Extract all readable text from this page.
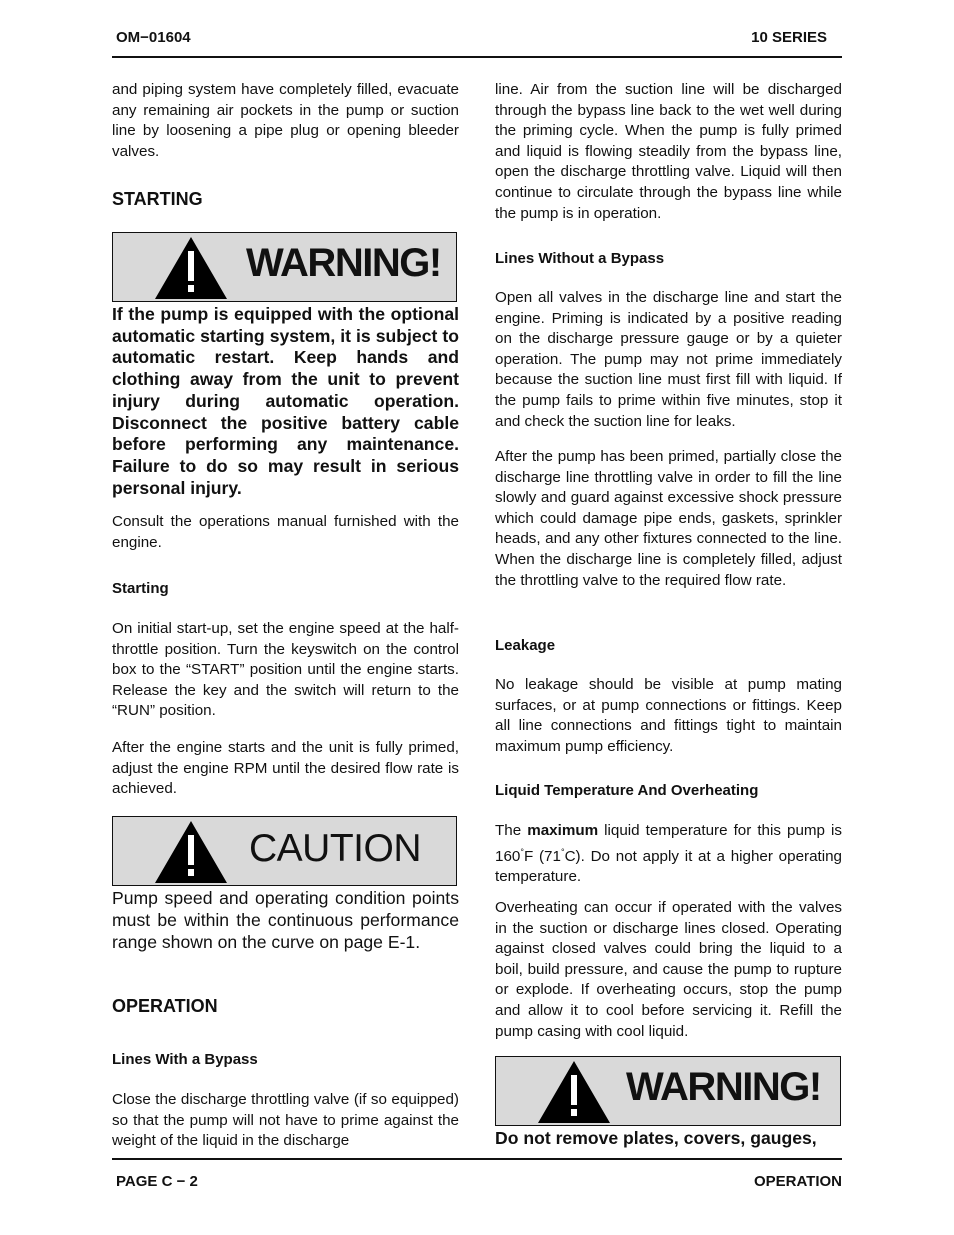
OM−01604	10 SERIES

and piping system have completely filled, evacuate any remaining air pockets in the pump or suction line by loosening a pipe plug or opening bleeder valves.

STARTING
WARNING!

If the pump is equipped with the optional automatic starting system, it is subject to automatic restart. Keep hands and clothing away from the unit to prevent injury during automatic operation. Disconnect the positive battery cable before performing any maintenance. Failure to do so may result in serious personal injury.

Consult the operations manual furnished with the engine.

Starting

On initial start-up, set the engine speed at the half-throttle position. Turn the keyswitch on the control box to the “START” position until the engine starts. Release the key and the switch will return to the “RUN” position.

After the engine starts and the unit is fully primed, adjust the engine RPM until the desired flow rate is achieved.

CAUTION

Pump speed and operating condition points must be within the continuous performance range shown on the curve on page E-1.

OPERATION
Lines With a Bypass

Close the discharge throttling valve (if so equipped) so that the pump will not have to prime against the weight of the liquid in the discharge

line. Air from the suction line will be discharged through the bypass line back to the wet well during the priming cycle. When the pump is fully primed and liquid is flowing steadily from the bypass line, open the discharge throttling valve. Liquid will then continue to circulate through the bypass line while the pump is in operation.

Lines Without a Bypass

Open all valves in the discharge line and start the engine. Priming is indicated by a positive reading on the discharge pressure gauge or by a quieter operation. The pump may not prime immediately because the suction line must first fill with liquid. If the pump fails to prime within five minutes, stop it and check the suction line for leaks.

After the pump has been primed, partially close the discharge line throttling valve in order to fill the line slowly and guard against excessive shock pressure which could damage pipe ends, gaskets, sprinkler heads, and any other fixtures connected to the line. When the discharge line is completely filled, adjust the throttling valve to the required flow rate.

Leakage

No leakage should be visible at pump mating surfaces, or at pump connections or fittings. Keep all line connections and fittings tight to maintain maximum pump efficiency.

Liquid Temperature And Overheating

The maximum liquid temperature for this pump is 160°F (71°C). Do not apply it at a higher operating temperature.

Overheating can occur if operated with the valves in the suction or discharge lines closed. Operating against closed valves could bring the liquid to a boil, build pressure, and cause the pump to rupture or explode. If overheating occurs, stop the pump and allow it to cool before servicing it. Refill the pump casing with cool liquid.

WARNING!

Do not remove plates, covers, gauges,

PAGE C − 2	OPERATION
